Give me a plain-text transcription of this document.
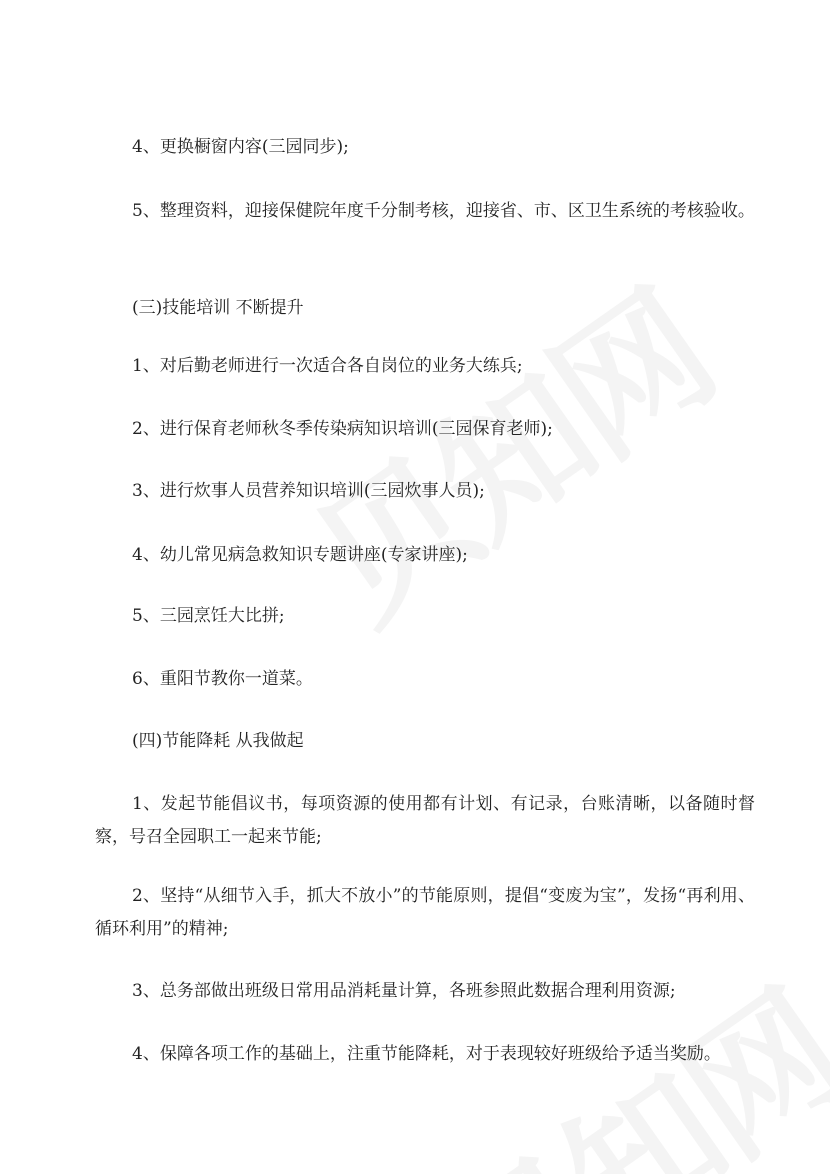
4、更换橱窗内容(三园同步);

5、整理资料，迎接保健院年度千分制考核，迎接省、市、区卫生系统的考核验收。

(三)技能培训 不断提升

1、对后勤老师进行一次适合各自岗位的业务大练兵;

2、进行保育老师秋冬季传染病知识培训(三园保育老师);

3、进行炊事人员营养知识培训(三园炊事人员);

4、幼儿常见病急救知识专题讲座(专家讲座);

5、三园烹饪大比拼;

6、重阳节教你一道菜。

(四)节能降耗 从我做起

1、发起节能倡议书，每项资源的使用都有计划、有记录，台账清晰，以备随时督察，号召全园职工一起来节能;

2、坚持“从细节入手，抓大不放小”的节能原则，提倡“变废为宝”，发扬“再利用、循环利用”的精神;

3、总务部做出班级日常用品消耗量计算，各班参照此数据合理利用资源;

4、保障各项工作的基础上，注重节能降耗，对于表现较好班级给予适当奖励。
